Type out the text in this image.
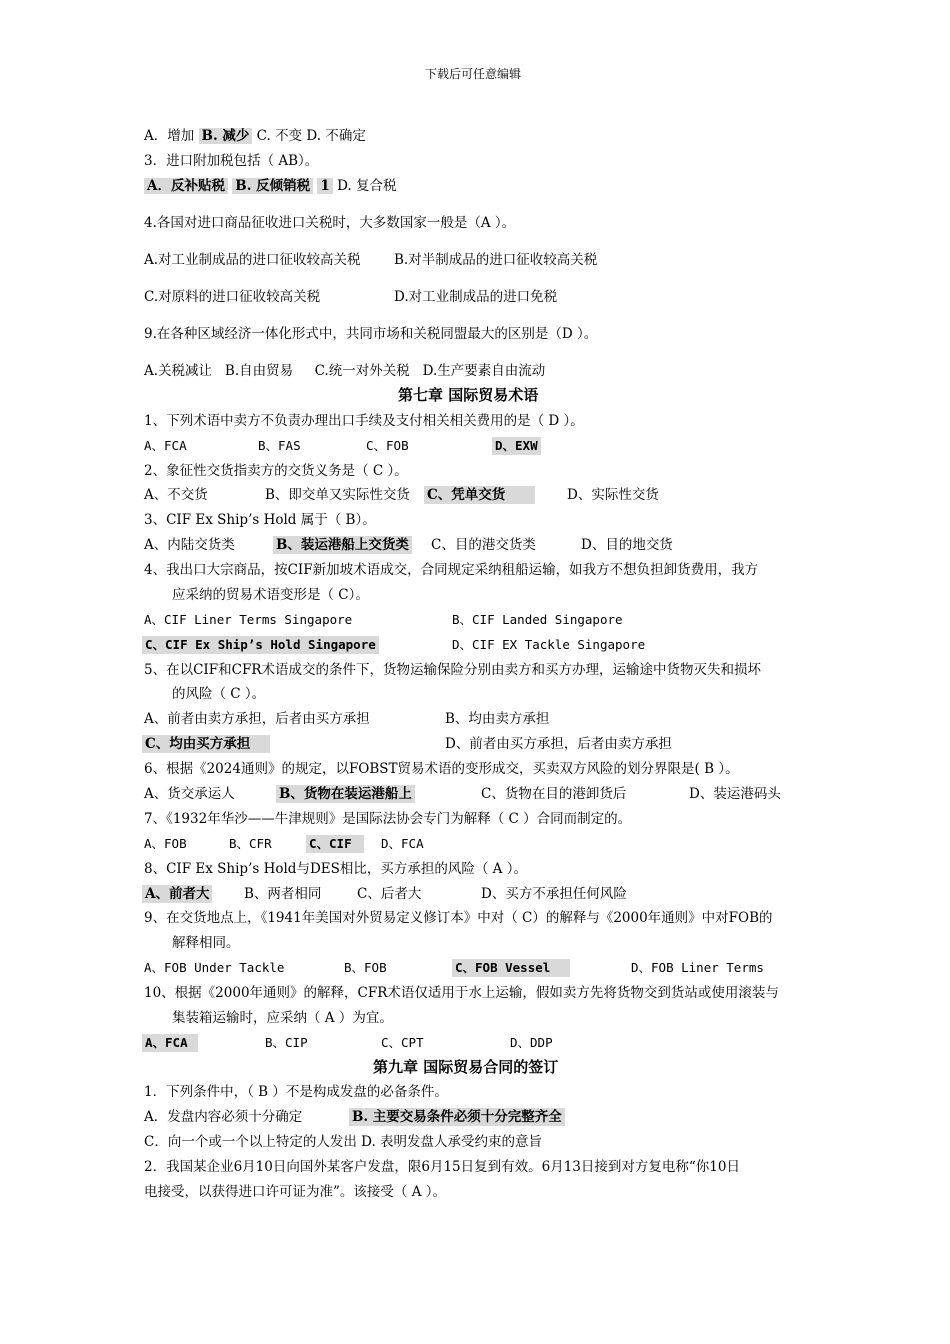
下载后可任意编辑
A．增加 B. 减少 C. 不变 D. 不确定
3．进口附加税包括（ AB）。
A．反补贴税 B. 反倾销税 1 D. 复合税
4.各国对进口商品征收进口关税时，大多数国家一般是（A ）。
A.对工业制成品的进口征收较高关税 B.对半制成品的进口征收较高关税
C.对原料的进口征收较高关税	D.对工业制成品的进口免税
9.在各种区域经济一体化形式中，共同市场和关税同盟最大的区别是（D ）。
A.关税减让   B.自由贸易     C.统一对外关税   D.生产要素自由流动
第七章 国际贸易术语
1、下列术语中卖方不负责办理出口手续及支付相关相关费用的是（ D ）。
A、FCA	B、FAS	C、FOB	D、EXW
2、象征性交货指卖方的交货义务是（ C ）。
A、不交货	B、即交单又实际性交货 C、凭单交货	D、实际性交货
3、CIF Ex Ship’s Hold 属于（ B）。
A、内陆交货类	B、装运港船上交货类 C、目的港交货类	D、目的地交货
4、我出口大宗商品，按CIF新加坡术语成交，合同规定采纳租船运输，如我方不想负担卸货费用，我方
应采纳的贸易术语变形是（ C）。
A、CIF Liner Terms Singapore	B、CIF Landed Singapore
C、CIF Ex Ship’s Hold Singapore	D、CIF EX Tackle Singapore
5、在以CIF和CFR术语成交的条件下，货物运输保险分别由卖方和买方办理，运输途中货物灭失和损坏
的风险（ C ）。
A、前者由卖方承担，后者由买方承担	B、均由卖方承担
C、均由买方承担	D、前者由买方承担，后者由卖方承担
6、根据《2024通则》的规定，以FOBST贸易术语的变形成交，买卖双方风险的划分界限是( B ）。
A、货交承运人	B、货物在装运港船上	C、货物在目的港卸货后	D、装运港码头
7、《1932年华沙——牛津规则》是国际法协会专门为解释（ C ）合同而制定的。
A、FOB	B、CFR	C、CIF	D、FCA
8、CIF Ex Ship’s Hold与DES相比，买方承担的风险（ A ）。
A、前者大	B、两者相同	C、后者大	D、买方不承担任何风险
9、在交货地点上，《1941年美国对外贸易定义修订本》中对（ C）的解释与《2000年通则》中对FOB的
解释相同。
A、FOB Under Tackle	B、FOB	C、FOB Vessel	D、FOB Liner Terms
10、根据《2000年通则》的解释，CFR术语仅适用于水上运输，假如卖方先将货物交到货站或使用滚装与
集装箱运输时，应采纳（ A ）为宜。
A、FCA	B、CIP	C、CPT	D、DDP
第九章 国际贸易合同的签订
1．下列条件中，（ B ）不是构成发盘的必备条件。
A．发盘内容必须十分确定	B. 主要交易条件必须十分完整齐全
C．向一个或一个以上特定的人发出 D. 表明发盘人承受约束的意旨
2．我国某企业6月10日向国外某客户发盘，限6月15日复到有效。6月13日接到对方复电称“你10日
电接受，以获得进口许可证为准”。该接受（ A ）。
